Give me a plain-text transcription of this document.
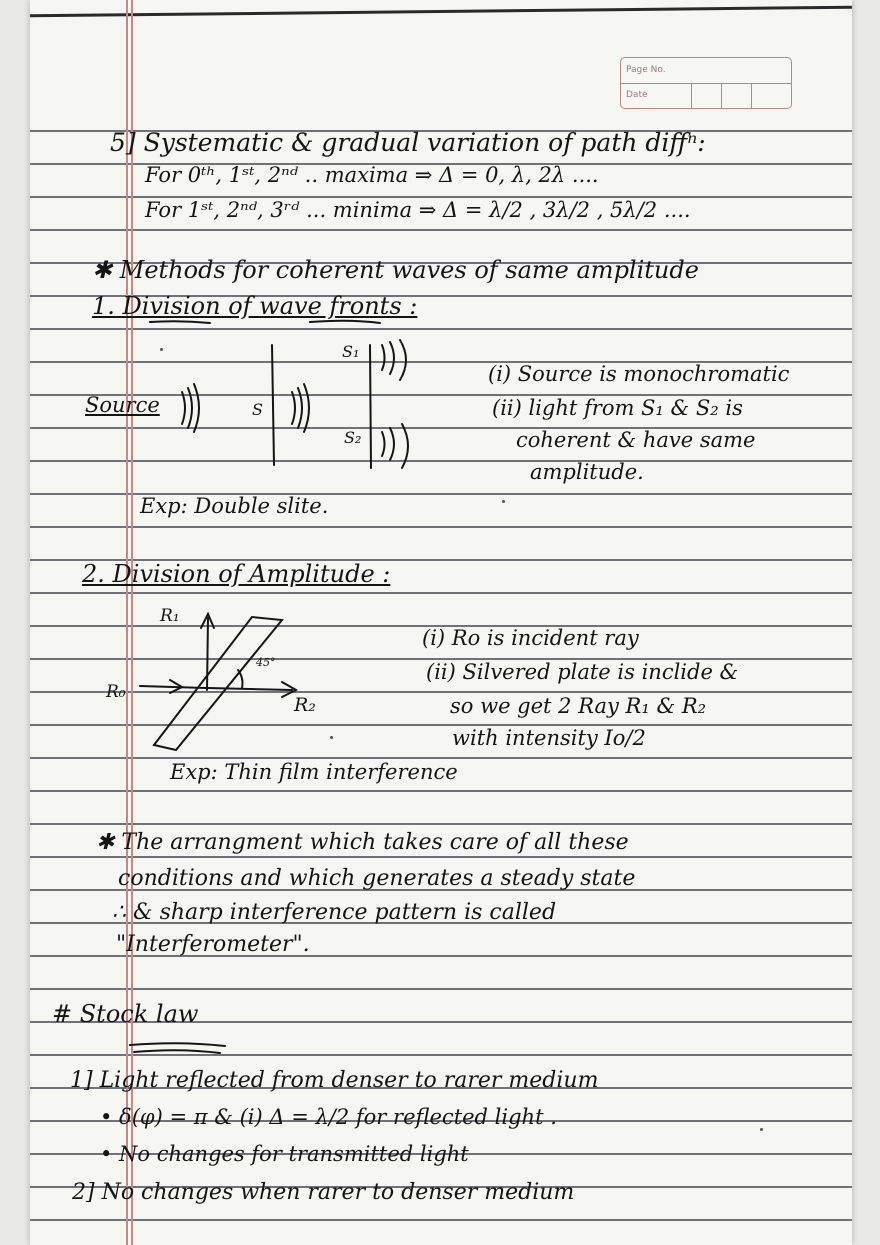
Page No.
Date
5] Systematic & gradual variation of path diffⁿ:
For 0ᵗʰ, 1ˢᵗ, 2ⁿᵈ .. maxima ⇒ Δ = 0, λ, 2λ ....
For 1ˢᵗ, 2ⁿᵈ, 3ʳᵈ ... minima ⇒ Δ = λ/2 , 3λ/2 , 5λ/2 ....
✱ Methods for coherent waves of same amplitude
1. Division of wave fronts :
Source	S
S₁
S₂
(i) Source is monochromatic
(ii) light from S₁ & S₂ is
coherent & have same
amplitude.
Exp: Double slite.
2. Division of Amplitude :
R₁
R₀
R₂
45°
(i) Ro is incident ray
(ii) Silvered plate is inclide &
so we get 2 Ray R₁ & R₂
with intensity Io/2
Exp: Thin film interference
✱ The arrangment which takes care of all these
conditions and which generates a steady state
∴ & sharp interference pattern is called
"Interferometer".
# Stock law
1] Light reflected from denser to rarer medium
• δ(φ) = π & (i) Δ = λ/2 for reflected light .
• No changes for transmitted light
2] No changes when rarer to denser medium
